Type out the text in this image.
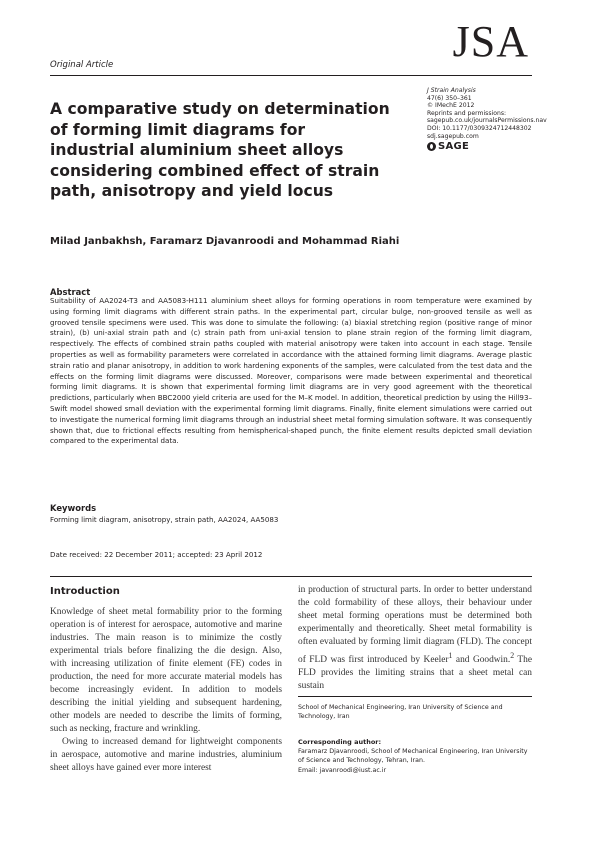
JSA
Original Article
J Strain Analysis
47(6) 350–361
© IMechE 2012
Reprints and permissions:
sagepub.co.uk/journalsPermissions.nav
DOI: 10.1177/0309324712448302
sdj.sagepub.com
SAGE
A comparative study on determination of forming limit diagrams for industrial aluminium sheet alloys considering combined effect of strain path, anisotropy and yield locus
Milad Janbakhsh, Faramarz Djavanroodi and Mohammad Riahi
Abstract
Suitability of AA2024-T3 and AA5083-H111 aluminium sheet alloys for forming operations in room temperature were examined by using forming limit diagrams with different strain paths. In the experimental part, circular bulge, non-grooved tensile as well as grooved tensile specimens were used. This was done to simulate the following: (a) biaxial stretching region (positive range of minor strain), (b) uni-axial strain path and (c) strain path from uni-axial tension to plane strain region of the forming limit diagram, respectively. The effects of combined strain paths coupled with material anisotropy were taken into account in each stage. Tensile properties as well as formability parameters were correlated in accordance with the attained forming limit diagrams. Average plastic strain ratio and planar anisotropy, in addition to work hardening exponents of the samples, were calculated from the test data and the effects on the forming limit diagrams were discussed. Moreover, comparisons were made between experimental and theoretical forming limit diagrams. It is shown that experimental forming limit diagrams are in very good agreement with the theoretical predictions, particularly when BBC2000 yield criteria are used for the M–K model. In addition, theoretical prediction by using the Hill93–Swift model showed small deviation with the experimental forming limit diagrams. Finally, finite element simulations were carried out to investigate the numerical forming limit diagrams through an industrial sheet metal forming simulation software. It was consequently shown that, due to frictional effects resulting from hemispherical-shaped punch, the finite element results depicted small deviation compared to the experimental data.
Keywords
Forming limit diagram, anisotropy, strain path, AA2024, AA5083
Date received: 22 December 2011; accepted: 23 April 2012
Introduction

Knowledge of sheet metal formability prior to the forming operation is of interest for aerospace, automotive and marine industries. The main reason is to minimize the costly experimental trials before finalizing the die design. Also, with increasing utilization of finite element (FE) codes in production, the need for more accurate material models has become increasingly evident. In addition to models describing the initial yielding and subsequent hardening, other models are needed to describe the limits of forming, such as necking, fracture and wrinkling.

Owing to increased demand for lightweight components in aerospace, automotive and marine industries, aluminium sheet alloys have gained ever more interest

in production of structural parts. In order to better understand the cold formability of these alloys, their behaviour under sheet metal forming operations must be determined both experimentally and theoretically. Sheet metal formability is often evaluated by forming limit diagram (FLD). The concept of FLD was first introduced by Keeler$^1$ and Goodwin.$^2$ The FLD provides the limiting strains that a sheet metal can sustain

School of Mechanical Engineering, Iran University of Science and Technology, Iran
Corresponding author:
Faramarz Djavanroodi, School of Mechanical Engineering, Iran University of Science and Technology, Tehran, Iran.
Email: javanroodi@iust.ac.ir
